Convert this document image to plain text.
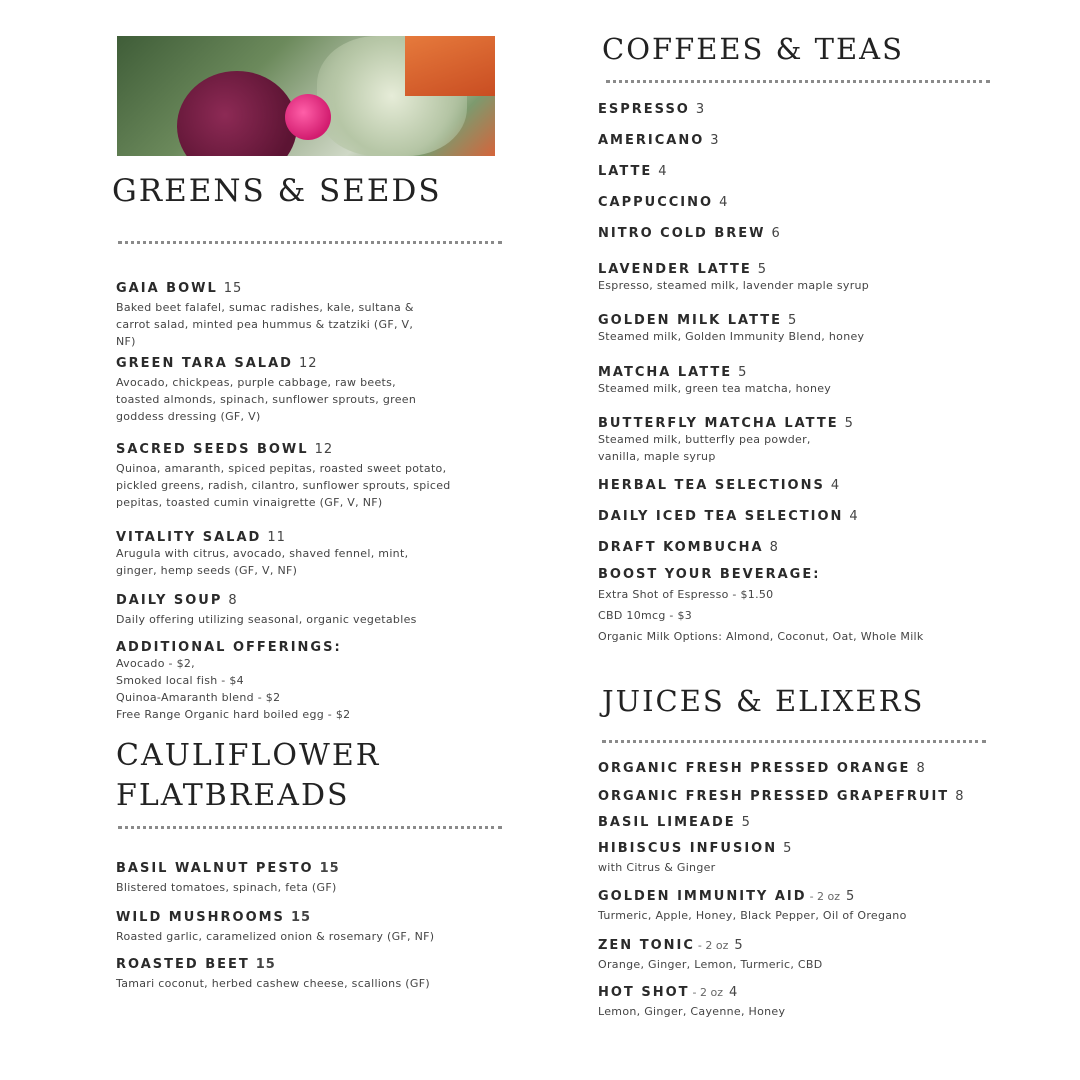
GREENS & SEEDS
GAIA BOWL 15
Baked beet falafel, sumac radishes, kale, sultana & carrot salad, minted pea hummus & tzatziki (GF, V, NF)
GREEN TARA SALAD 12
Avocado, chickpeas, purple cabbage, raw beets, toasted almonds, spinach, sunflower sprouts, green goddess dressing (GF, V)
SACRED SEEDS BOWL 12
Quinoa, amaranth, spiced pepitas, roasted sweet potato, pickled greens, radish, cilantro, sunflower sprouts, spiced pepitas, toasted cumin vinaigrette (GF, V, NF)
VITALITY SALAD 11
Arugula with citrus, avocado, shaved fennel, mint, ginger, hemp seeds (GF, V, NF)
DAILY SOUP 8
Daily offering utilizing seasonal, organic vegetables
ADDITIONAL OFFERINGS:
Avocado - $2,
Smoked local fish - $4
Quinoa-Amaranth blend - $2
Free Range Organic hard boiled egg - $2
CAULIFLOWER
FLATBREADS
BASIL WALNUT PESTO 15
Blistered tomatoes, spinach, feta (GF)
WILD MUSHROOMS 15
Roasted garlic, caramelized onion & rosemary (GF, NF)
ROASTED BEET 15
Tamari coconut, herbed cashew cheese, scallions (GF)
COFFEES & TEAS
ESPRESSO 3
AMERICANO 3
LATTE 4
CAPPUCCINO 4
NITRO COLD BREW 6
LAVENDER LATTE 5
Espresso, steamed milk, lavender maple syrup
GOLDEN MILK LATTE 5
Steamed milk, Golden Immunity Blend, honey
MATCHA LATTE 5
Steamed milk, green tea matcha, honey
BUTTERFLY MATCHA LATTE 5
Steamed milk, butterfly pea powder, vanilla, maple syrup
HERBAL TEA SELECTIONS 4
DAILY ICED TEA SELECTION 4
DRAFT KOMBUCHA 8
BOOST YOUR BEVERAGE:
Extra Shot of Espresso - $1.50
CBD 10mcg - $3
Organic Milk Options: Almond, Coconut, Oat, Whole Milk
JUICES & ELIXERS
ORGANIC FRESH PRESSED ORANGE 8
ORGANIC FRESH PRESSED GRAPEFRUIT 8
BASIL LIMEADE 5
HIBISCUS INFUSION 5
with Citrus & Ginger
GOLDEN IMMUNITY AID - 2 oz 5
Turmeric, Apple, Honey, Black Pepper, Oil of Oregano
ZEN TONIC - 2 oz 5
Orange, Ginger, Lemon, Turmeric, CBD
HOT SHOT - 2 oz 4
Lemon, Ginger, Cayenne, Honey
